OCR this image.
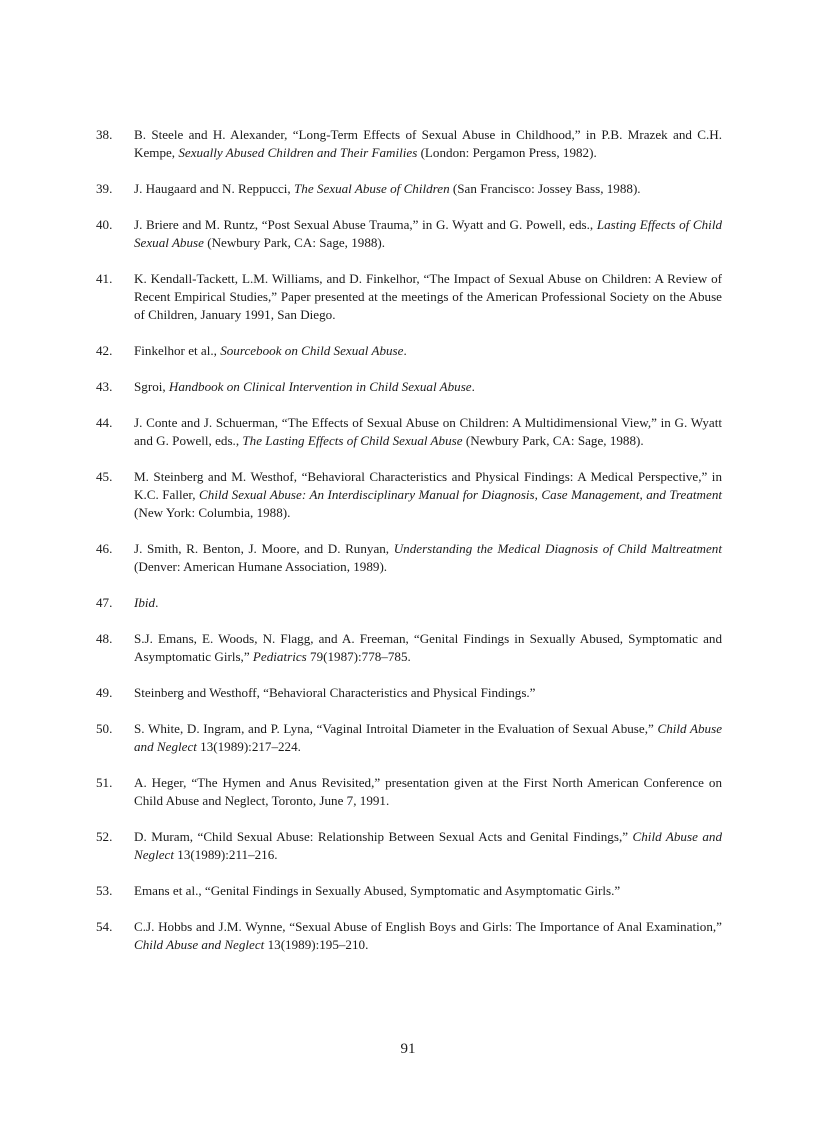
38.	B. Steele and H. Alexander, “Long-Term Effects of Sexual Abuse in Childhood,” in P.B. Mrazek and C.H. Kempe, Sexually Abused Children and Their Families (London: Pergamon Press, 1982).
39.	J. Haugaard and N. Reppucci, The Sexual Abuse of Children (San Francisco: Jossey Bass, 1988).
40.	J. Briere and M. Runtz, “Post Sexual Abuse Trauma,” in G. Wyatt and G. Powell, eds., Lasting Effects of Child Sexual Abuse (Newbury Park, CA: Sage, 1988).
41.	K. Kendall-Tackett, L.M. Williams, and D. Finkelhor, “The Impact of Sexual Abuse on Children: A Review of Recent Empirical Studies,” Paper presented at the meetings of the American Professional Society on the Abuse of Children, January 1991, San Diego.
42.	Finkelhor et al., Sourcebook on Child Sexual Abuse.
43.	Sgroi, Handbook on Clinical Intervention in Child Sexual Abuse.
44.	J. Conte and J. Schuerman, “The Effects of Sexual Abuse on Children: A Multidimensional View,” in G. Wyatt and G. Powell, eds., The Lasting Effects of Child Sexual Abuse (Newbury Park, CA: Sage, 1988).
45.	M. Steinberg and M. Westhof, “Behavioral Characteristics and Physical Findings: A Medical Perspective,” in K.C. Faller, Child Sexual Abuse: An Interdisciplinary Manual for Diagnosis, Case Management, and Treatment (New York: Columbia, 1988).
46.	J. Smith, R. Benton, J. Moore, and D. Runyan, Understanding the Medical Diagnosis of Child Maltreatment (Denver: American Humane Association, 1989).
47.	Ibid.
48.	S.J. Emans, E. Woods, N. Flagg, and A. Freeman, “Genital Findings in Sexually Abused, Symptomatic and Asymptomatic Girls,” Pediatrics 79(1987):778–785.
49.	Steinberg and Westhoff, “Behavioral Characteristics and Physical Findings.”
50.	S. White, D. Ingram, and P. Lyna, “Vaginal Introital Diameter in the Evaluation of Sexual Abuse,” Child Abuse and Neglect 13(1989):217–224.
51.	A. Heger, “The Hymen and Anus Revisited,” presentation given at the First North American Conference on Child Abuse and Neglect, Toronto, June 7, 1991.
52.	D. Muram, “Child Sexual Abuse: Relationship Between Sexual Acts and Genital Findings,” Child Abuse and Neglect 13(1989):211–216.
53.	Emans et al., “Genital Findings in Sexually Abused, Symptomatic and Asymptomatic Girls.”
54.	C.J. Hobbs and J.M. Wynne, “Sexual Abuse of English Boys and Girls: The Importance of Anal Examination,” Child Abuse and Neglect 13(1989):195–210.
91
